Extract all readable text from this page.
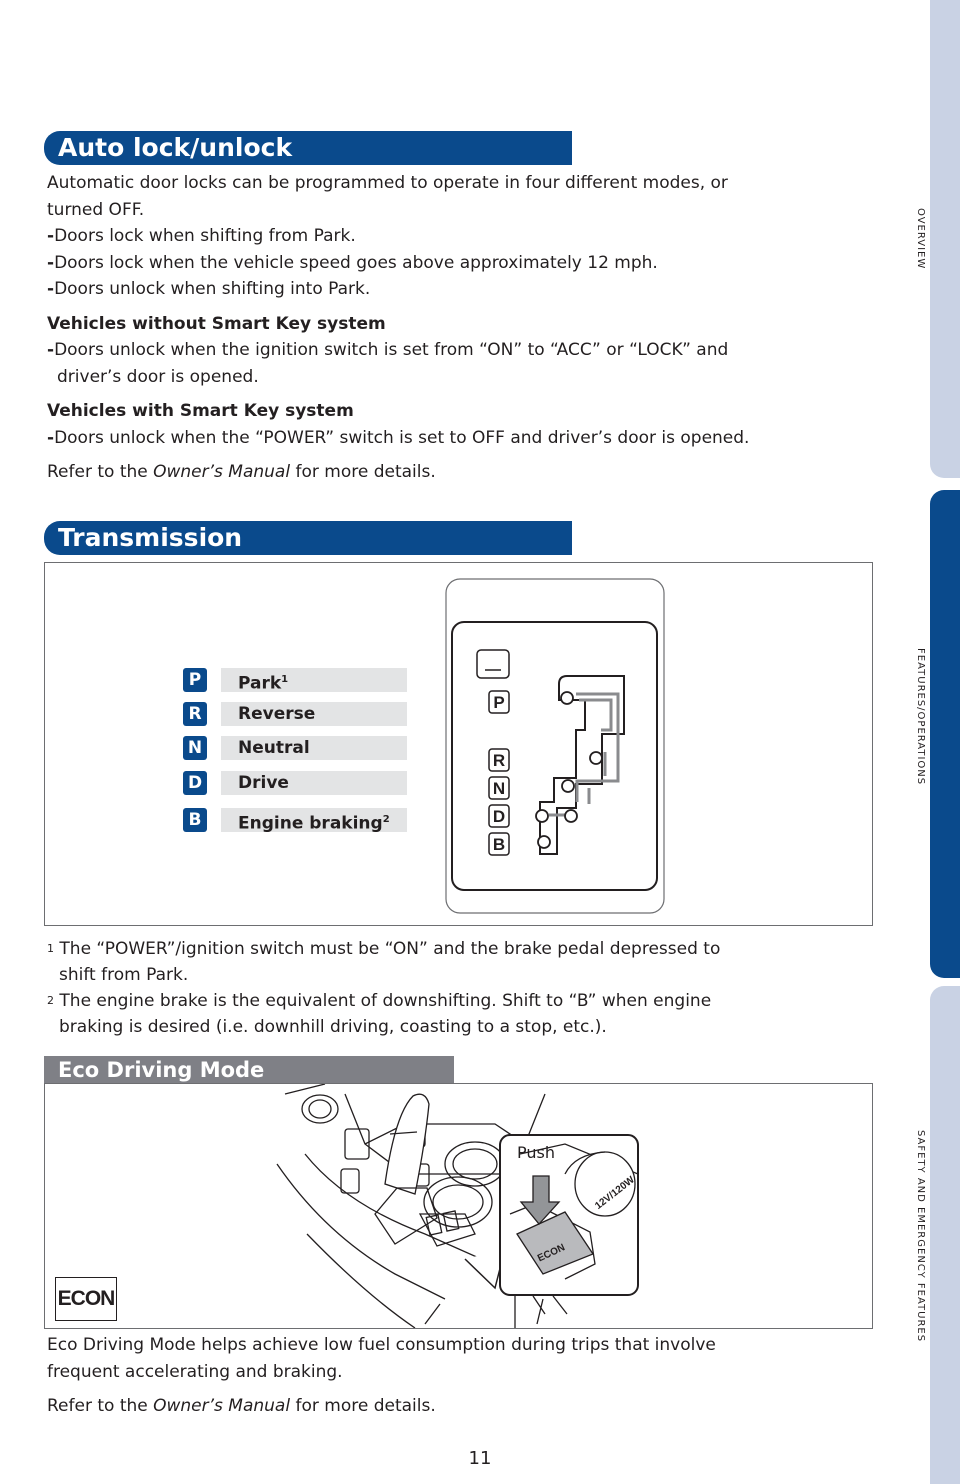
OVERVIEW
FEATURES/OPERATIONS
SAFETY AND EMERGENCY FEATURES
Auto lock/unlock

Automatic door locks can be programmed to operate in four different modes, or

turned OFF.

-Doors lock when shifting from Park.

-Doors lock when the vehicle speed goes above approximately 12 mph.

-Doors unlock when shifting into Park.

Vehicles without Smart Key system

-Doors unlock when the ignition switch is set from “ON” to “ACC” or “LOCK” and

driver’s door is opened.

Vehicles with Smart Key system

-Doors unlock when the “POWER” switch is set to OFF and driver’s door is opened.

Refer to the Owner’s Manual for more details.

Transmission
P	Park$^1$
R	Reverse
N	Neutral
D	Drive
B	Engine braking$^2$
P
R
N
D
B
$^1$ The “POWER”/ignition switch must be “ON” and the brake pedal depressed to
shift from Park.
$^2$ The engine brake is the equivalent of downshifting. Shift to “B” when engine
braking is desired (i.e. downhill driving, coasting to a stop, etc.).
Eco Driving Mode
12V/120W
ECON
Push
ECON

Eco Driving Mode helps achieve low fuel consumption during trips that involve

frequent accelerating and braking.

Refer to the Owner’s Manual for more details.

11
